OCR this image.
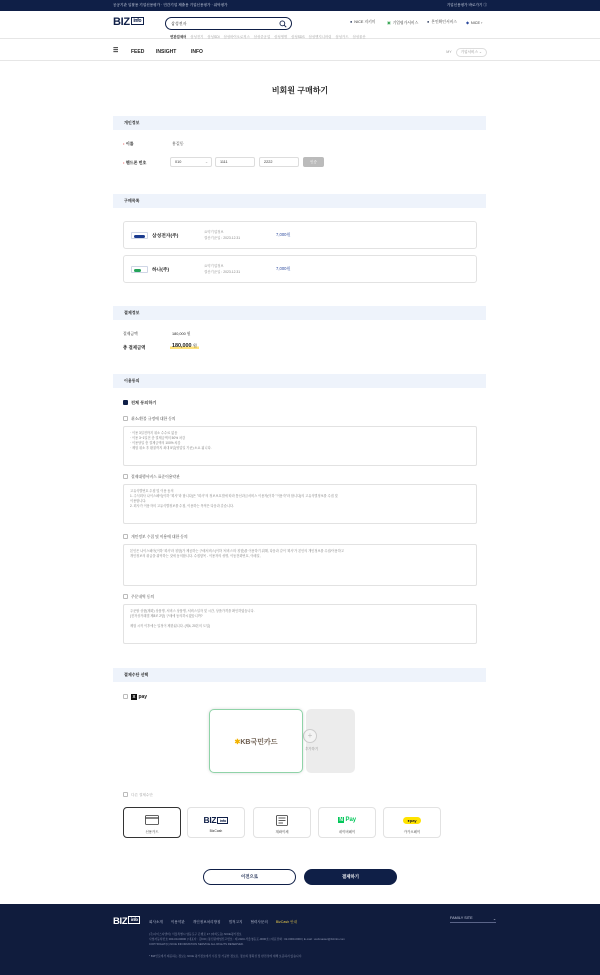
공공기관 입찰용 기업신용평가 · 민간기업 제출용 기업신용평가 · 위탁평가	기업신용평가 바로가기 ⓘ
BIZ info
삼성전자
연관검색어 삼성전기 삼성SDI 삼성바이오로직스 삼성중공업 삼성생명 삼성SDS 삼성엔지니어링 삼성카드 삼성물산
● NICE 지키미	▣ 기업평가서비스 ● 본인확인서비스 ◆ NICE ›
☰	FEED INSIGHT	INFO	MY	기업서비스 ⌄
비회원 구매하기
개인정보
• 이름	홍길동
• 핸드폰 번호	010	⌄	1111	2222	인증
구매목록
삼성전자(주)
요약기업정보
결산기준일 : 2023.12.31
7,000원
하나(주)
요약기업정보
결산기준일 : 2023.12.31
7,000원
결제정보
결제금액	180,000 원
총 결제금액	180,000 원
이용동의
전체 동의하기
취소/환불 규정에 대한 동의
· 이용 3일전까지 취소 수수료 없음
· 이용 3~1일전 총 결제금액의 50% 차감
· 이용당일 총 결제금액의 100% 차감
· 제험 취소 후 환불까지 최대 5일(영업일 기준) 소요 됩니다.
결제대행서비스 표준이용약관
고유식별번호 수집 및 이용 동의
1. 주식회사 나이스페이(이하 "회사"라 합니다)은 "회사"의 정보보호법에 따라 통신과금서비스 이용자(이하 "이용자"라 합니다)의 고유식별정보를 수집 및
이용합니다.
2. 회사가 이용자의 고유식별정보를 수집, 이용하는 목적은 다음과 같습니다.
개인정보 수집 및 이용에 대한 동의
본인은 나이스페이(이하 '회사'라 칭함)가 제공하는 구매서비스(이하 '서비스'라 칭함)를 이용하기 위해, 다음과 같이 '회사'가 본인의 개인정보를 수집/이용하고
개인정보의 취급을 위탁하는 것에 동의합니다. 수집항목 - 이용자의 성명, 이동전화번호, 이메일,
주문내역 동의
주문할 상품(재화) 상품명, 서비스 상품명, 서비스일자 및 시간, 상품가격을 확인하였습니다.
(전자상거래법 제8조 2항) 구매에 동의하시겠습니까?
제험 시작 이후에는 일정이 제한됩니다. (제4, 20본의 도입)
결제수단 선택
X pay
+
추가하기
✱KB국민카드
다른 결제수단
신용카드
BIZ info
BizCash	계좌이체
N Pay
네이버페이
●pay
카카오페이
이전으로	결제하기
BIZ info	회사소개 이용약관 개인정보처리방침 법적고지 협력사문의 BizCash 안내
FAMILY SITE	⌄
(주)나이스디앤비 | 서울특별시 영등포구 은행로 17 (여의도동) NICE평가정보
사업자등록번호 000-00-00000 | 대표자 : 김OO | 통신판매업신고번호 : 제 2023-서울영등포-0000호 | 대표전화 : 02-0000-0000 | E-mail : webmaster@bizinfo.com
COPYRIGHT(C) NICE INFORMATION SERVICE ALL RIGHTS RESERVED.
* BIZ인포에서 제공하는 정보는 NICE 평가정보에서 수집 및 가공한 정보로, 정보의 정확성 및 완전성에 대해 보증하지 않습니다.
